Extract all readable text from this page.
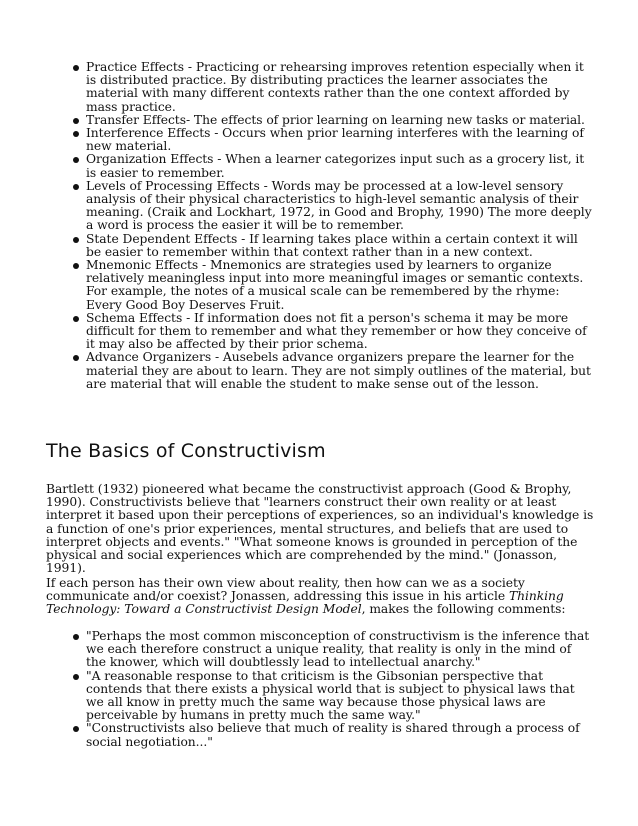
Practice Effects - Practicing or rehearsing improves retention especially when it is distributed practice. By distributing practices the learner associates the material with many different contexts rather than the one context afforded by mass practice.
Transfer Effects- The effects of prior learning on learning new tasks or material.
Interference Effects - Occurs when prior learning interferes with the learning of new material.
Organization Effects - When a learner categorizes input such as a grocery list, it is easier to remember.
Levels of Processing Effects - Words may be processed at a low-level sensory analysis of their physical characteristics to high-level semantic analysis of their meaning. (Craik and Lockhart, 1972, in Good and Brophy, 1990) The more deeply a word is process the easier it will be to remember.
State Dependent Effects - If learning takes place within a certain context it will be easier to remember within that context rather than in a new context.
Mnemonic Effects - Mnemonics are strategies used by learners to organize relatively meaningless input into more meaningful images or semantic contexts. For example, the notes of a musical scale can be remembered by the rhyme: Every Good Boy Deserves Fruit.
Schema Effects - If information does not fit a person's schema it may be more difficult for them to remember and what they remember or how they conceive of it may also be affected by their prior schema.
Advance Organizers - Ausebels advance organizers prepare the learner for the material they are about to learn. They are not simply outlines of the material, but are material that will enable the student to make sense out of the lesson.
The Basics of Constructivism

Bartlett (1932) pioneered what became the constructivist approach (Good & Brophy, 1990). Constructivists believe that "learners construct their own reality or at least interpret it based upon their perceptions of experiences, so an individual's knowledge is a function of one's prior experiences, mental structures, and beliefs that are used to interpret objects and events." "What someone knows is grounded in perception of the physical and social experiences which are comprehended by the mind." (Jonasson, 1991).

If each person has their own view about reality, then how can we as a society communicate and/or coexist? Jonassen, addressing this issue in his article Thinking Technology: Toward a Constructivist Design Model, makes the following comments:

"Perhaps the most common misconception of constructivism is the inference that we each therefore construct a unique reality, that reality is only in the mind of the knower, which will doubtlessly lead to intellectual anarchy."
"A reasonable response to that criticism is the Gibsonian perspective that contends that there exists a physical world that is subject to physical laws that we all know in pretty much the same way because those physical laws are perceivable by humans in pretty much the same way."
"Constructivists also believe that much of reality is shared through a process of social negotiation..."
